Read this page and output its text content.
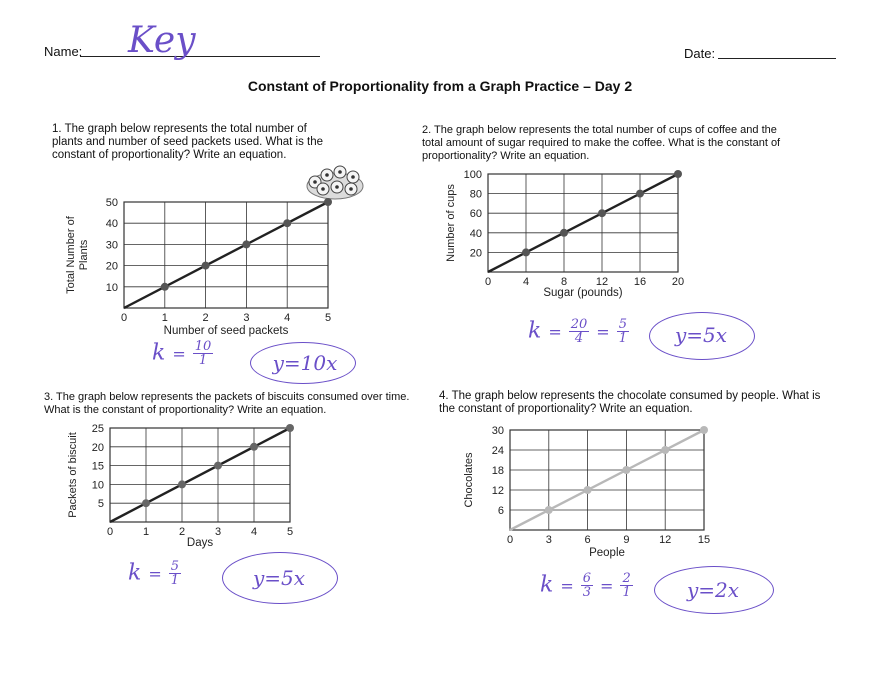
Name: Key	Date:
Constant of Proportionality from a Graph Practice – Day 2
1. The graph below represents the total number of
plants and number of seed packets used. What is the
constant of proportionality? Write an equation.
2. The graph below represents the total number of cups of coffee and the
total amount of sugar required to make the coffee. What is the constant of
proportionality? Write an equation.
3. The graph below represents the packets of biscuits consumed over time.
What is the constant of proportionality? Write an equation.
4. The graph below represents the chocolate consumed by people. What is
the constant of proportionality? Write an equation.
0	1	2	3	4	5
10
20
30
40
50
Number of seed packets
Total Number ofPlants
0	4	8	12 16 20
20
40
60
80
100
Sugar (pounds)
Number of cups
0	1	2	3	4	5
5
10
15
20
25
Days
Packets of biscuit
0	3	6	9	12 15
6
12
18
24
30
People
Chocolates
$k = \frac{10}{1}$	y=10x
$k = \frac{20}{4} = \frac{5}{1}$	y=5x
$k = \frac{5}{1}$	y=5x	$k = \frac{6}{3} = \frac{2}{1}$	y=2x
